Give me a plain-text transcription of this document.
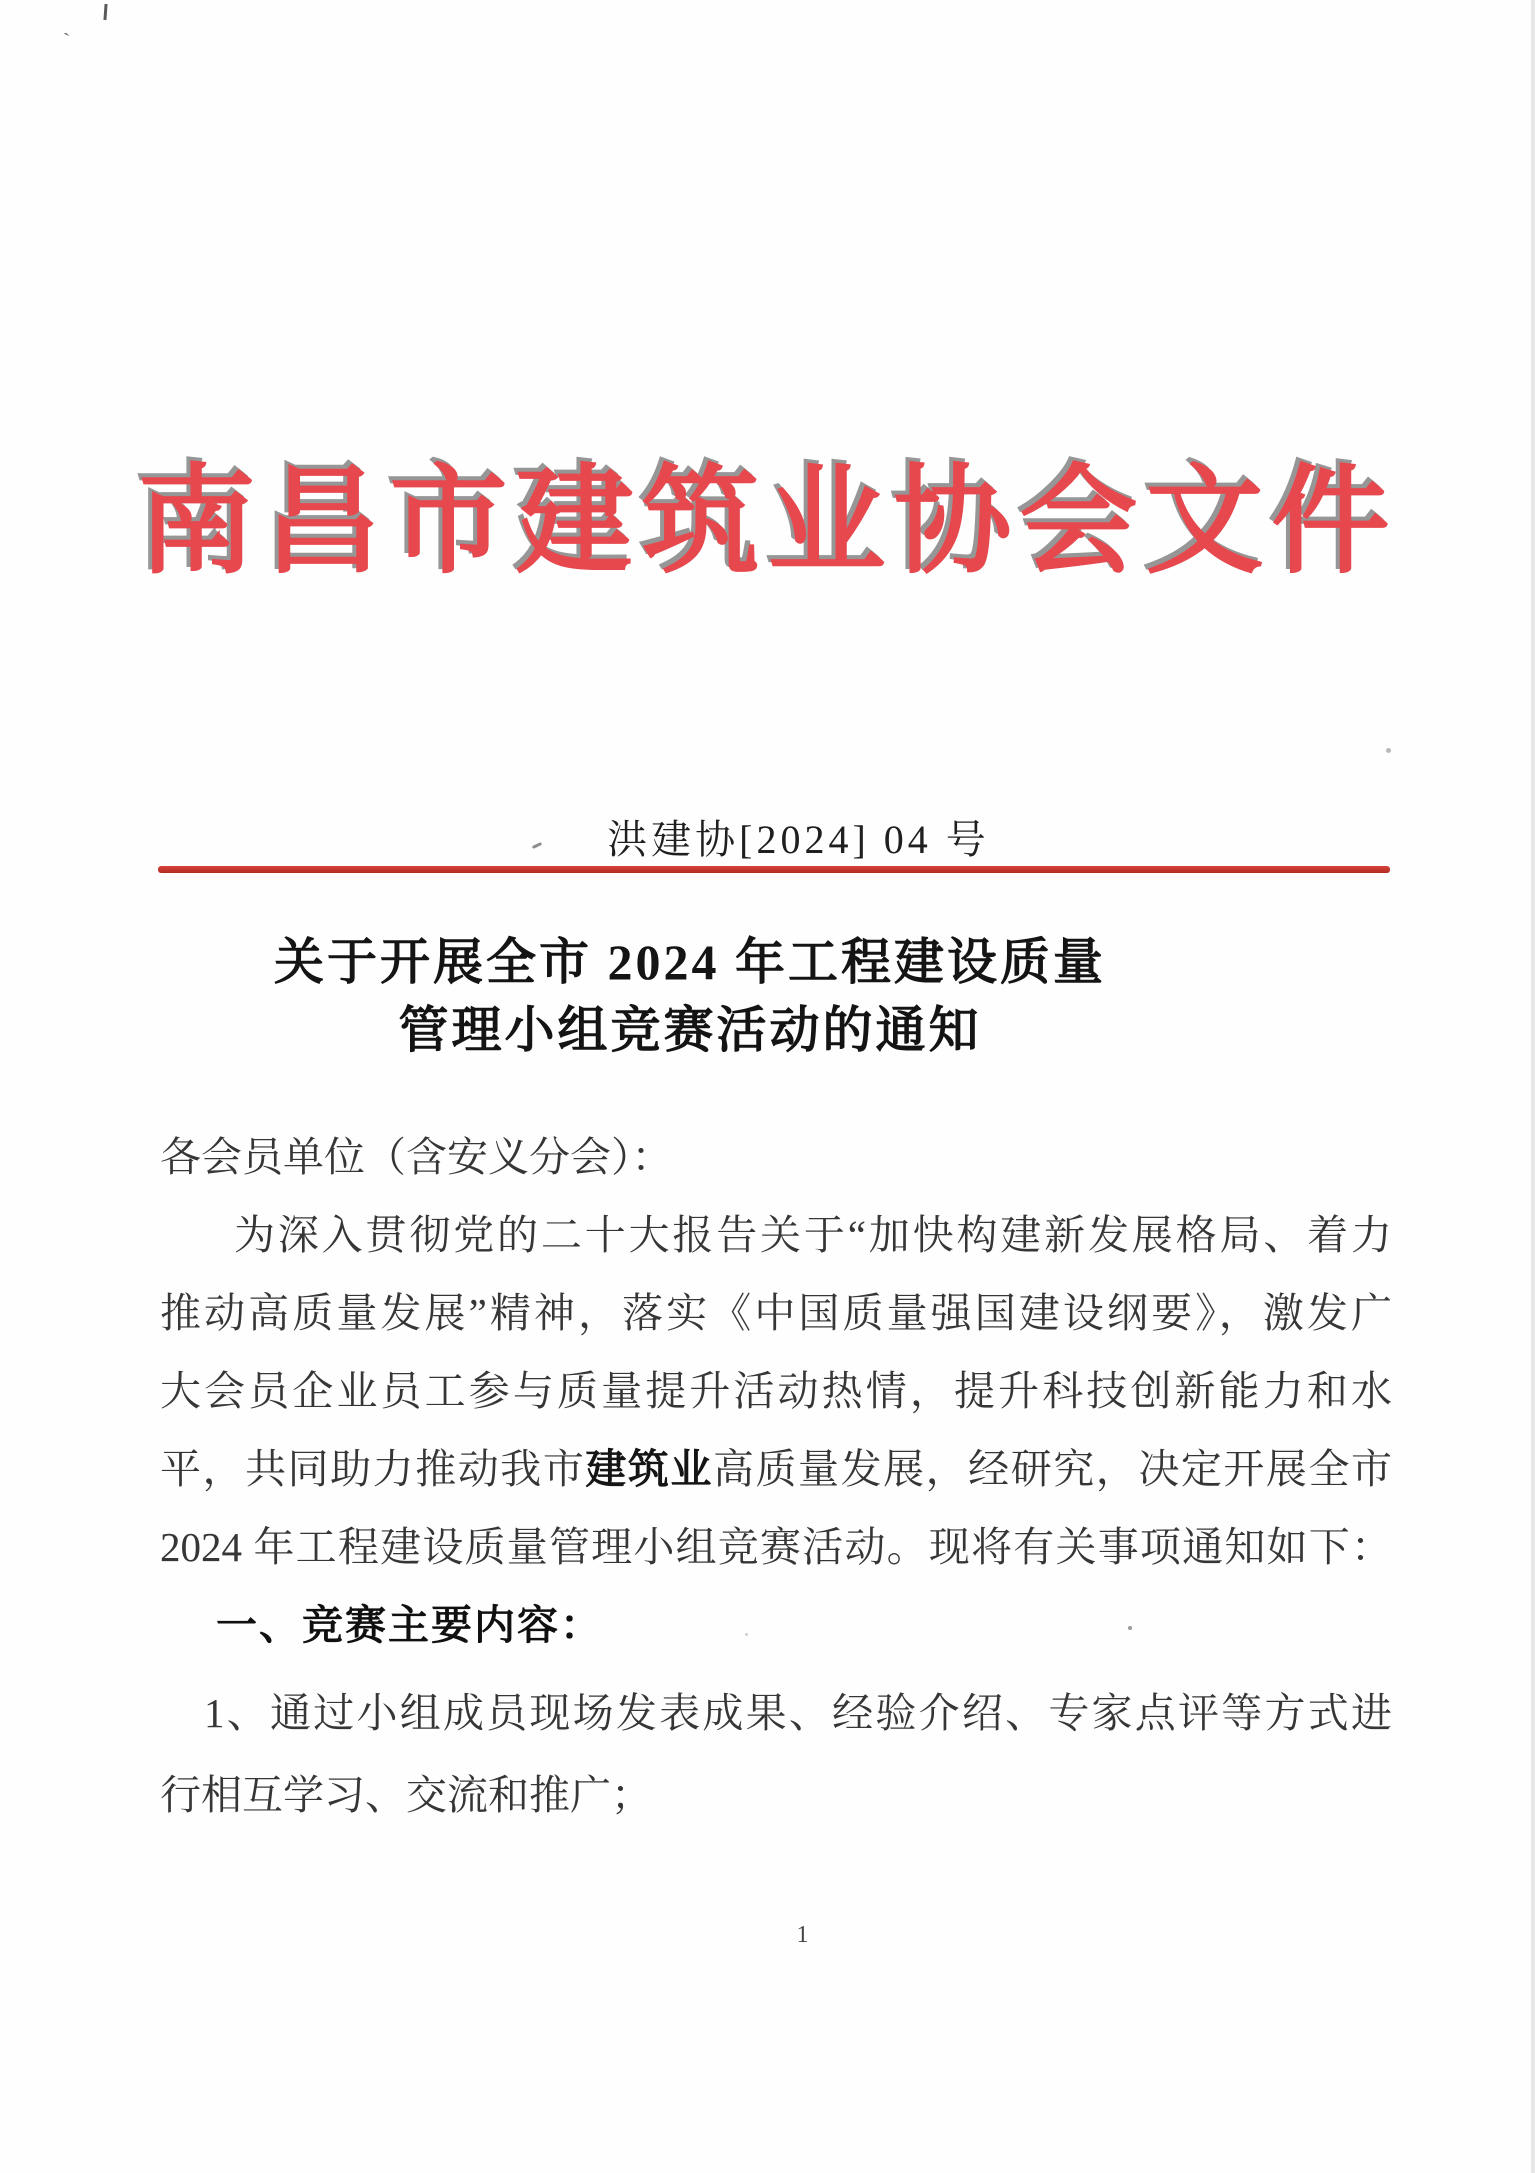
`
南昌市建筑业协会文件
洪建协[2024] 04 号
关于开展全市 2024 年工程建设质量
管理小组竞赛活动的通知
各会员单位（含安义分会）：
为深入贯彻党的二十大报告关于“加快构建新发展格局、着力
推动高质量发展”精神，落实《中国质量强国建设纲要》，激发广
大会员企业员工参与质量提升活动热情，提升科技创新能力和水
平，共同助力推动我市建筑业高质量发展，经研究，决定开展全市
2024 年工程建设质量管理小组竞赛活动。现将有关事项通知如下：
一、竞赛主要内容：
1、通过小组成员现场发表成果、经验介绍、专家点评等方式进
行相互学习、交流和推广；
1
